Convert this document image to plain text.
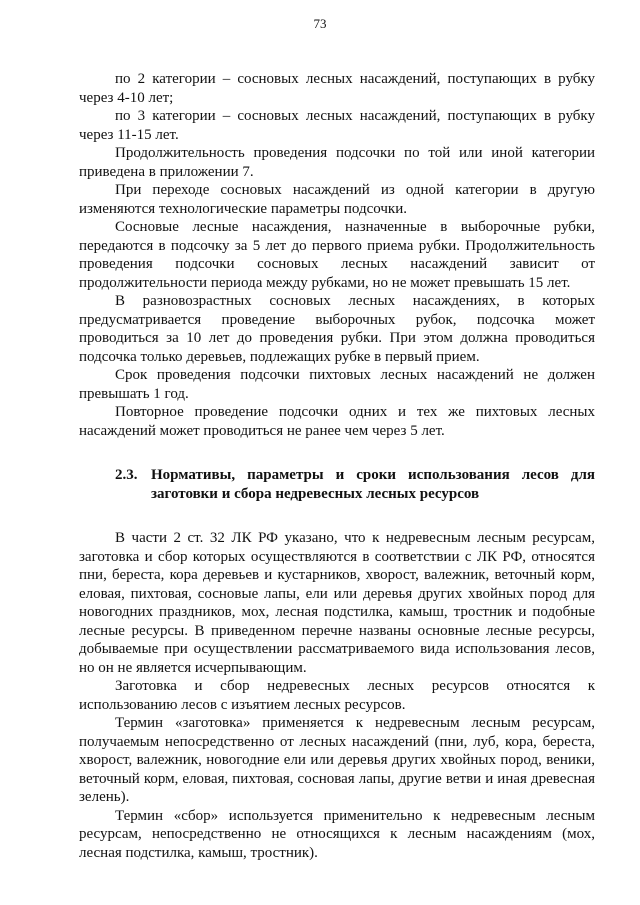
73

по 2 категории – сосновых лесных насаждений, поступающих в рубку через 4-10 лет;

по 3 категории – сосновых лесных насаждений, поступающих в рубку через 11-15 лет.

Продолжительность проведения подсочки по той или иной категории приведена в приложении 7.

При переходе сосновых насаждений из одной категории в другую изменяются технологические параметры подсочки.

Сосновые лесные насаждения, назначенные в выборочные рубки, передаются в подсочку за 5 лет до первого приема рубки. Продолжительность проведения подсочки сосновых лесных насаждений зависит от продолжительности периода между рубками, но не может превышать 15 лет.

В разновозрастных сосновых лесных насаждениях, в которых предусматривается проведение выборочных рубок, подсочка может проводиться за 10 лет до проведения рубки. При этом должна проводиться подсочка только деревьев, подлежащих рубке в первый прием.

Срок проведения подсочки пихтовых лесных насаждений не должен превышать 1 год.

Повторное проведение подсочки одних и тех же пихтовых лесных насаждений может проводиться не ранее чем через 5 лет.

2.3. Нормативы, параметры и сроки использования лесов для заготовки и сбора недревесных лесных ресурсов

В части 2 ст. 32 ЛК РФ указано, что к недревесным лесным ресурсам, заготовка и сбор которых осуществляются в соответствии с ЛК РФ, относятся пни, береста, кора деревьев и кустарников, хворост, валежник, веточный корм, еловая, пихтовая, сосновые лапы, ели или деревья других хвойных пород для новогодних праздников, мох, лесная подстилка, камыш, тростник и подобные лесные ресурсы. В приведенном перечне названы основные лесные ресурсы, добываемые при осуществлении рассматриваемого вида использования лесов, но он не является исчерпывающим.

Заготовка и сбор недревесных лесных ресурсов относятся к использованию лесов с изъятием лесных ресурсов.

Термин «заготовка» применяется к недревесным лесным ресурсам, получаемым непосредственно от лесных насаждений (пни, луб, кора, береста, хворост, валежник, новогодние ели или деревья других хвойных пород, веники, веточный корм, еловая, пихтовая, сосновая лапы, другие ветви и иная древесная зелень).

Термин «сбор» используется применительно к недревесным лесным ресурсам, непосредственно не относящихся к лесным насаждениям (мох, лесная подстилка, камыш, тростник).
